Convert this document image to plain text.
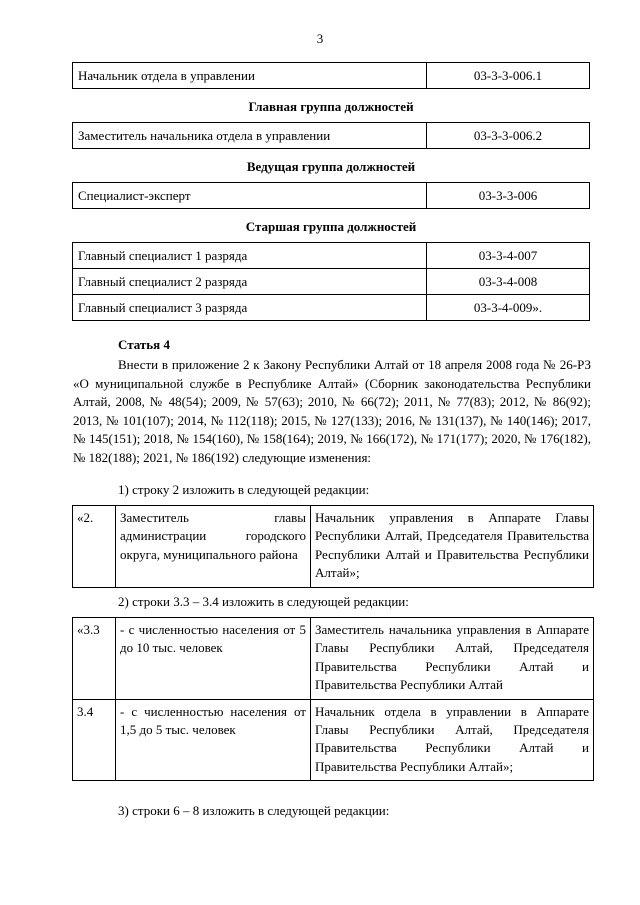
3
Начальник отдела в управлении	03-3-3-006.1
Главная группа должностей
Заместитель начальника отдела в управлении	03-3-3-006.2
Ведущая группа должностей
Специалист-эксперт	03-3-3-006
Старшая группа должностей
Главный специалист 1 разряда	03-3-4-007
Главный специалист 2 разряда	03-3-4-008
Главный специалист 3 разряда	03-3-4-009».
Статья 4
Внести в приложение 2 к Закону Республики Алтай от 18 апреля 2008 года № 26-РЗ «О муниципальной службе в Республике Алтай» (Сборник законодательства Республики Алтай, 2008, № 48(54); 2009, № 57(63); 2010, № 66(72); 2011, № 77(83); 2012, № 86(92); 2013, № 101(107); 2014, № 112(118); 2015, № 127(133); 2016, № 131(137), № 140(146); 2017, № 145(151); 2018, № 154(160), № 158(164); 2019, № 166(172), № 171(177); 2020, № 176(182), № 182(188); 2021, № 186(192) следующие изменения:
1) строку 2 изложить в следующей редакции:
«2.	Заместитель главы администрации городского округа, муниципального района	Начальник управления в Аппарате Главы Республики Алтай, Председателя Правительства Республики Алтай и Правительства Республики Алтай»;
2) строки 3.3 – 3.4 изложить в следующей редакции:
«3.3	- с численностью населения от 5 до 10 тыс. человек	Заместитель начальника управления в Аппарате Главы Республики Алтай, Председателя Правительства Республики Алтай и Правительства Республики Алтай
3.4	- с численностью населения от 1,5 до 5 тыс. человек	Начальник отдела в управлении в Аппарате Главы Республики Алтай, Председателя Правительства Республики Алтай и Правительства Республики Алтай»;
3) строки 6 – 8 изложить в следующей редакции:
